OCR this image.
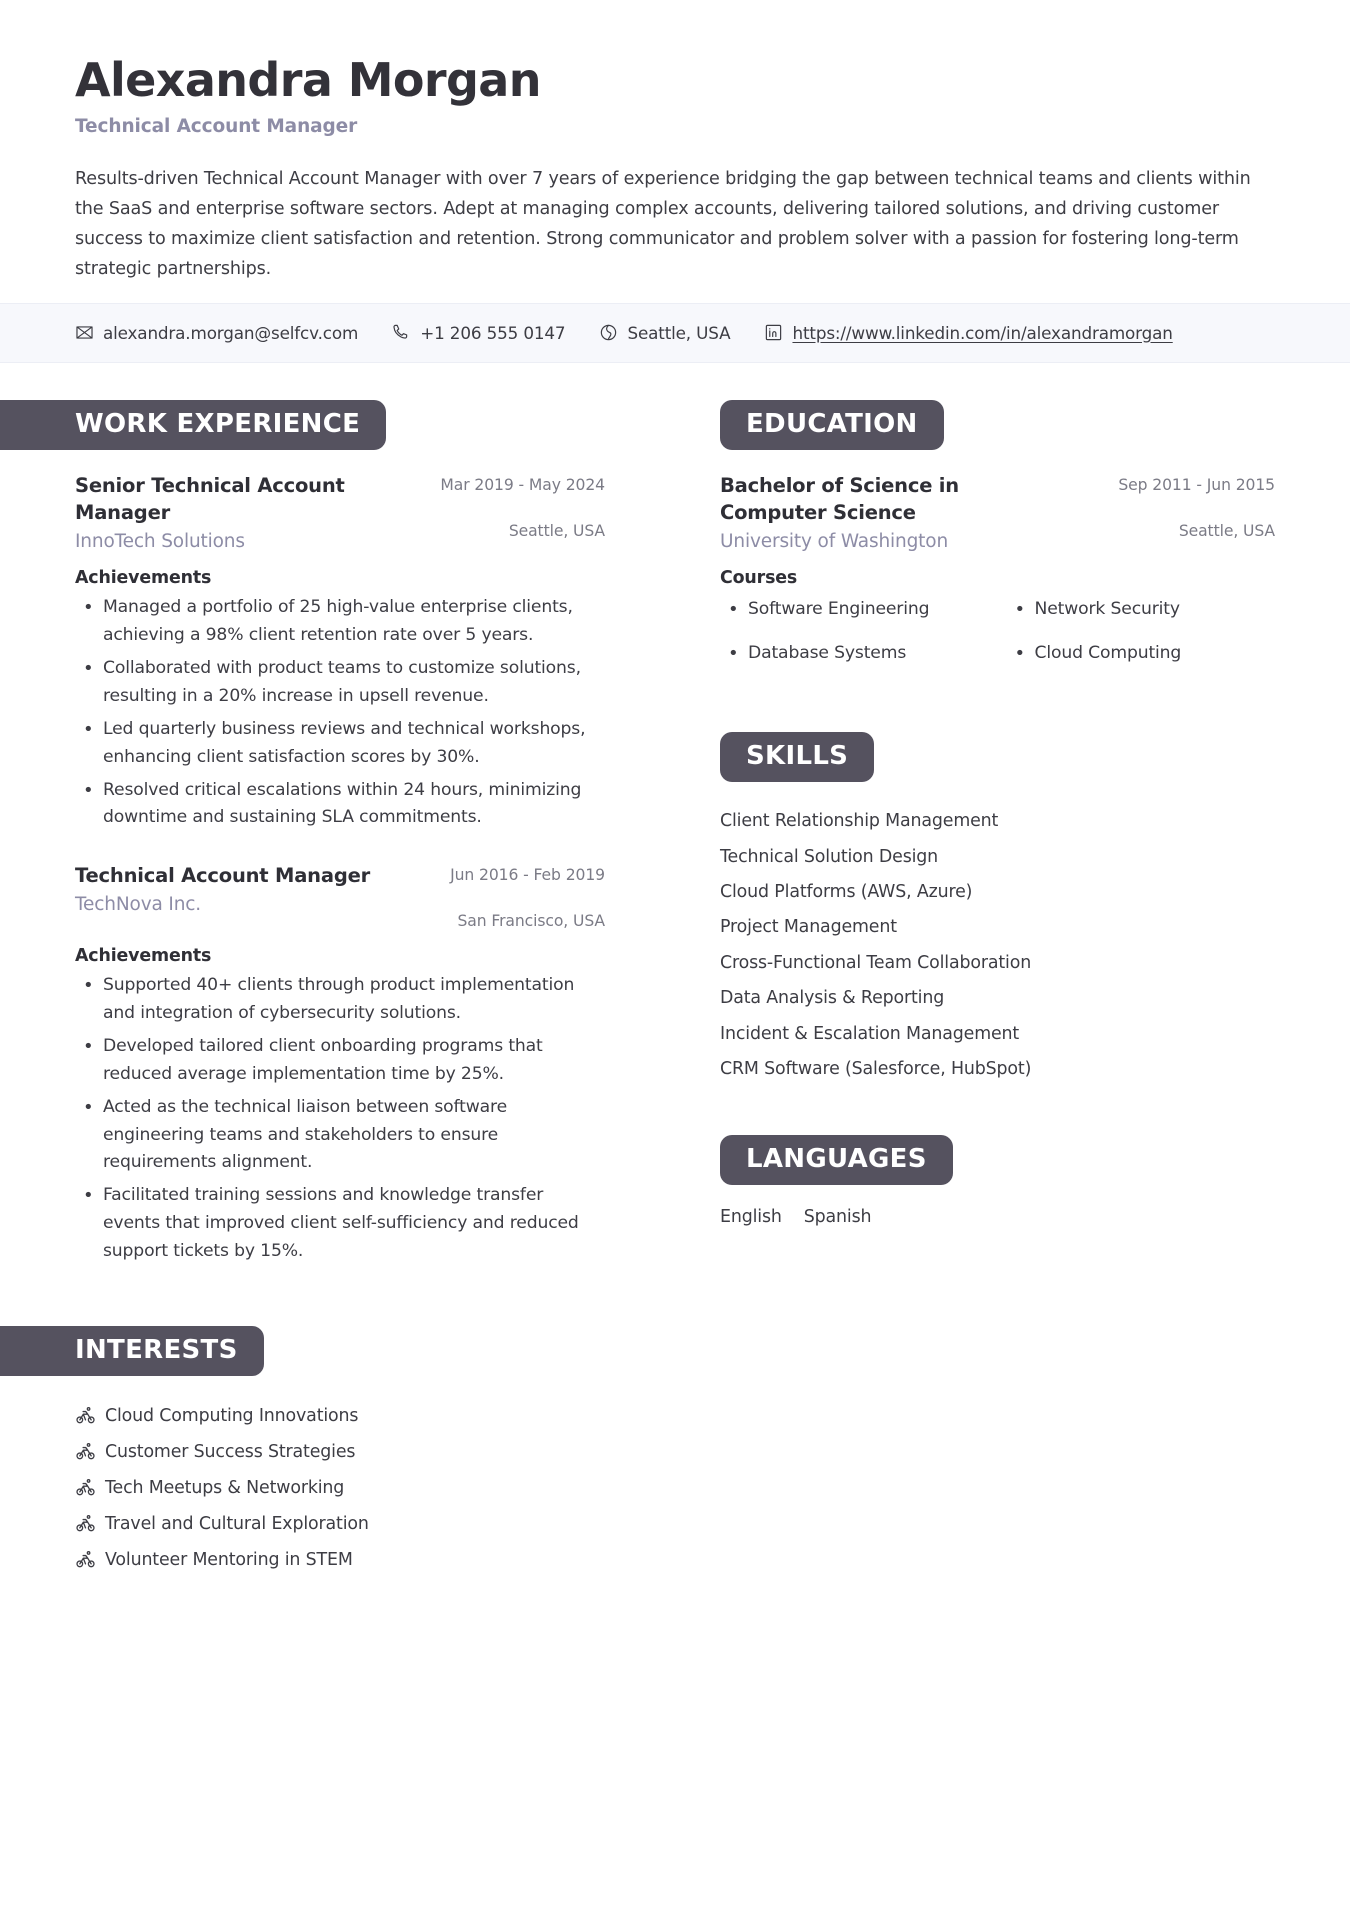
Alexandra Morgan
Technical Account Manager
Results-driven Technical Account Manager with over 7 years of experience bridging the gap between technical teams and clients within the SaaS and enterprise software sectors. Adept at managing complex accounts, delivering tailored solutions, and driving customer success to maximize client satisfaction and retention. Strong communicator and problem solver with a passion for fostering long-term strategic partnerships.
alexandra.morgan@selfcv.com	+1 206 555 0147	Seattle, USA	https://www.linkedin.com/in/alexandramorgan
WORK EXPERIENCE
Senior Technical Account Manager
InnoTech Solutions
Mar 2019 - May 2024
Seattle, USA
Achievements
• Managed a portfolio of 25 high-value enterprise clients, achieving a 98% client retention rate over 5 years.
• Collaborated with product teams to customize solutions, resulting in a 20% increase in upsell revenue.
• Led quarterly business reviews and technical workshops, enhancing client satisfaction scores by 30%.
• Resolved critical escalations within 24 hours, minimizing downtime and sustaining SLA commitments.
Technical Account Manager
TechNova Inc.
Jun 2016 - Feb 2019
San Francisco, USA
Achievements
• Supported 40+ clients through product implementation and integration of cybersecurity solutions.
• Developed tailored client onboarding programs that reduced average implementation time by 25%.
• Acted as the technical liaison between software engineering teams and stakeholders to ensure requirements alignment.
• Facilitated training sessions and knowledge transfer events that improved client self-sufficiency and reduced support tickets by 15%.
INTERESTS
Cloud Computing Innovations
Customer Success Strategies
Tech Meetups & Networking
Travel and Cultural Exploration
Volunteer Mentoring in STEM
EDUCATION
Bachelor of Science in Computer Science
University of Washington
Sep 2011 - Jun 2015
Seattle, USA
Courses
• Software Engineering	• Network Security
• Database Systems	• Cloud Computing
SKILLS
Client Relationship Management
Technical Solution Design
Cloud Platforms (AWS, Azure)
Project Management
Cross-Functional Team Collaboration
Data Analysis & Reporting
Incident & Escalation Management
CRM Software (Salesforce, HubSpot)
LANGUAGES
English Spanish
